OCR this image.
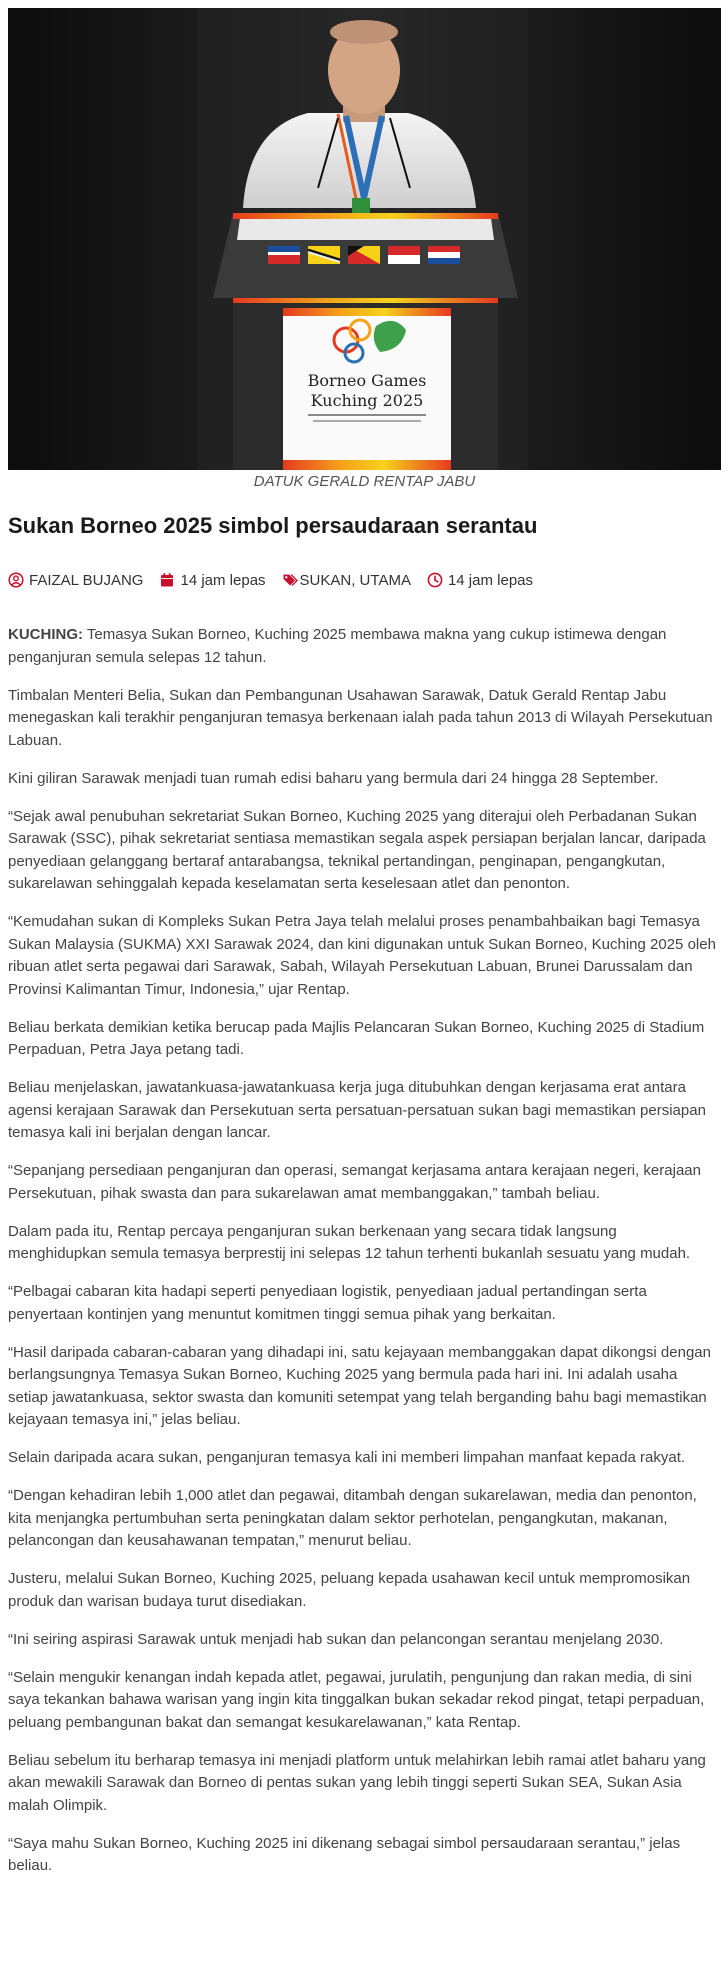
Borneo Games
Kuching 2025
DATUK GERALD RENTAP JABU
Sukan Borneo 2025 simbol persaudaraan serantau
FAIZAL BUJANG 14 jam lepas SUKAN, UTAMA 14 jam lepas

KUCHING: Temasya Sukan Borneo, Kuching 2025 membawa makna yang cukup istimewa dengan penganjuran semula selepas 12 tahun.

Timbalan Menteri Belia, Sukan dan Pembangunan Usahawan Sarawak, Datuk Gerald Rentap Jabu menegaskan kali terakhir penganjuran temasya berkenaan ialah pada tahun 2013 di Wilayah Persekutuan Labuan.

Kini giliran Sarawak menjadi tuan rumah edisi baharu yang bermula dari 24 hingga 28 September.

“Sejak awal penubuhan sekretariat Sukan Borneo, Kuching 2025 yang diterajui oleh Perbadanan Sukan Sarawak (SSC), pihak sekretariat sentiasa memastikan segala aspek persiapan berjalan lancar, daripada penyediaan gelanggang bertaraf antarabangsa, teknikal pertandingan, penginapan, pengangkutan, sukarelawan sehinggalah kepada keselamatan serta keselesaan atlet dan penonton.

“Kemudahan sukan di Kompleks Sukan Petra Jaya telah melalui proses penambahbaikan bagi Temasya Sukan Malaysia (SUKMA) XXI Sarawak 2024, dan kini digunakan untuk Sukan Borneo, Kuching 2025 oleh ribuan atlet serta pegawai dari Sarawak, Sabah, Wilayah Persekutuan Labuan, Brunei Darussalam dan Provinsi Kalimantan Timur, Indonesia,” ujar Rentap.

Beliau berkata demikian ketika berucap pada Majlis Pelancaran Sukan Borneo, Kuching 2025 di Stadium Perpaduan, Petra Jaya petang tadi.

Beliau menjelaskan, jawatankuasa-jawatankuasa kerja juga ditubuhkan dengan kerjasama erat antara agensi kerajaan Sarawak dan Persekutuan serta persatuan-persatuan sukan bagi memastikan persiapan temasya kali ini berjalan dengan lancar.

“Sepanjang persediaan penganjuran dan operasi, semangat kerjasama antara kerajaan negeri, kerajaan Persekutuan, pihak swasta dan para sukarelawan amat membanggakan,” tambah beliau.

Dalam pada itu, Rentap percaya penganjuran sukan berkenaan yang secara tidak langsung menghidupkan semula temasya berprestij ini selepas 12 tahun terhenti bukanlah sesuatu yang mudah.

“Pelbagai cabaran kita hadapi seperti penyediaan logistik, penyediaan jadual pertandingan serta penyertaan kontinjen yang menuntut komitmen tinggi semua pihak yang berkaitan.

“Hasil daripada cabaran-cabaran yang dihadapi ini, satu kejayaan membanggakan dapat dikongsi dengan berlangsungnya Temasya Sukan Borneo, Kuching 2025 yang bermula pada hari ini. Ini adalah usaha setiap jawatankuasa, sektor swasta dan komuniti setempat yang telah berganding bahu bagi memastikan kejayaan temasya ini,” jelas beliau.

Selain daripada acara sukan, penganjuran temasya kali ini memberi limpahan manfaat kepada rakyat.

“Dengan kehadiran lebih 1,000 atlet dan pegawai, ditambah dengan sukarelawan, media dan penonton, kita menjangka pertumbuhan serta peningkatan dalam sektor perhotelan, pengangkutan, makanan, pelancongan dan keusahawanan tempatan,” menurut beliau.

Justeru, melalui Sukan Borneo, Kuching 2025, peluang kepada usahawan kecil untuk mempromosikan produk dan warisan budaya turut disediakan.

“Ini seiring aspirasi Sarawak untuk menjadi hab sukan dan pelancongan serantau menjelang 2030.

“Selain mengukir kenangan indah kepada atlet, pegawai, jurulatih, pengunjung dan rakan media, di sini saya tekankan bahawa warisan yang ingin kita tinggalkan bukan sekadar rekod pingat, tetapi perpaduan, peluang pembangunan bakat dan semangat kesukarelawanan,” kata Rentap.

Beliau sebelum itu berharap temasya ini menjadi platform untuk melahirkan lebih ramai atlet baharu yang akan mewakili Sarawak dan Borneo di pentas sukan yang lebih tinggi seperti Sukan SEA, Sukan Asia malah Olimpik.

“Saya mahu Sukan Borneo, Kuching 2025 ini dikenang sebagai simbol persaudaraan serantau,” jelas beliau.
